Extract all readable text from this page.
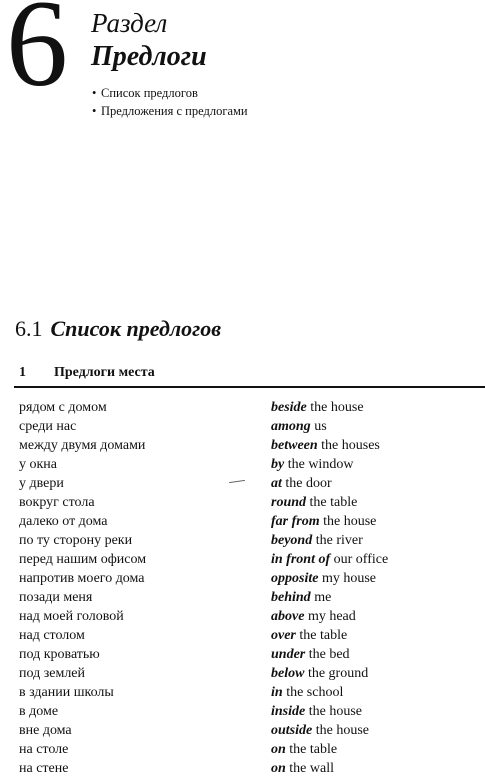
6 Раздел
Предлоги
• Список предлогов
• Предложения с предлогами
6.1 Список предлогов
1 Предлоги места
рядом с домом	beside the house
среди нас	among us
между двумя домами	between the houses
у окна	by the window
у двери	at the door
вокруг стола	round the table
далеко от дома	far from the house
по ту сторону реки	beyond the river
перед нашим офисом	in front of our office
напротив моего дома	opposite my house
позади меня	behind me
над моей головой	above my head
над столом	over the table
под кроватью	under the bed
под землей	below the ground
в здании школы	in the school
в доме	inside the house
вне дома	outside the house
на столе	on the table
на стене	on the wall
